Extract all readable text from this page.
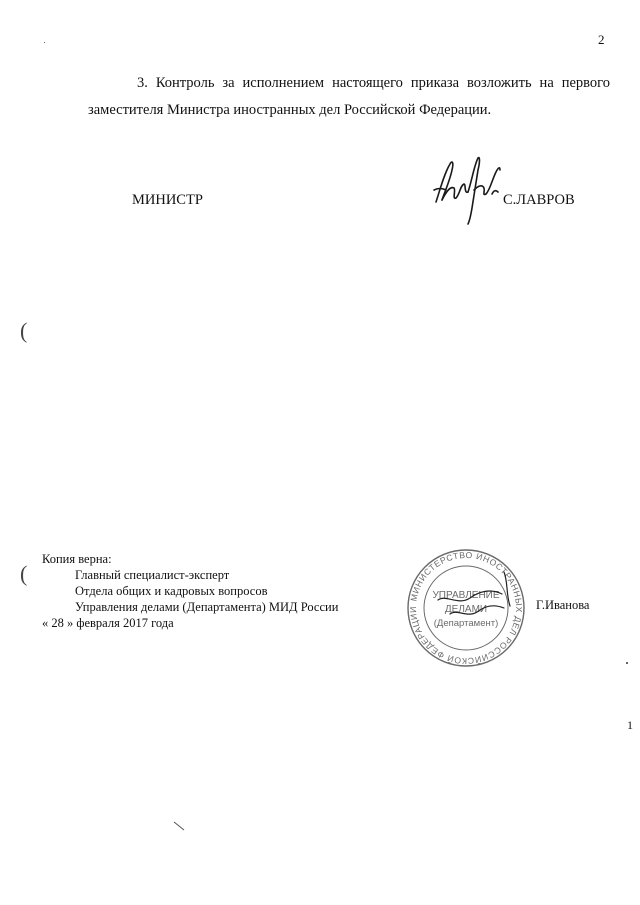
2
3. Контроль за исполнением настоящего приказа возложить на первого
заместителя Министра иностранных дел Российской Федерации.
МИНИСТР	С.ЛАВРОВ
Копия верна:
Главный специалист-эксперт
Отдела общих и кадровых вопросов
Управления делами (Департамента) МИД России
« 28 » февраля 2017 года
МИНИСТЕРСТВО ИНОСТРАННЫХ ДЕЛ РОССИЙСКОЙ ФЕДЕРАЦИИ
УПРАВЛЕНИЕ
ДЕЛАМИ
(Департамент)
Г.Иванова
(
(
1
